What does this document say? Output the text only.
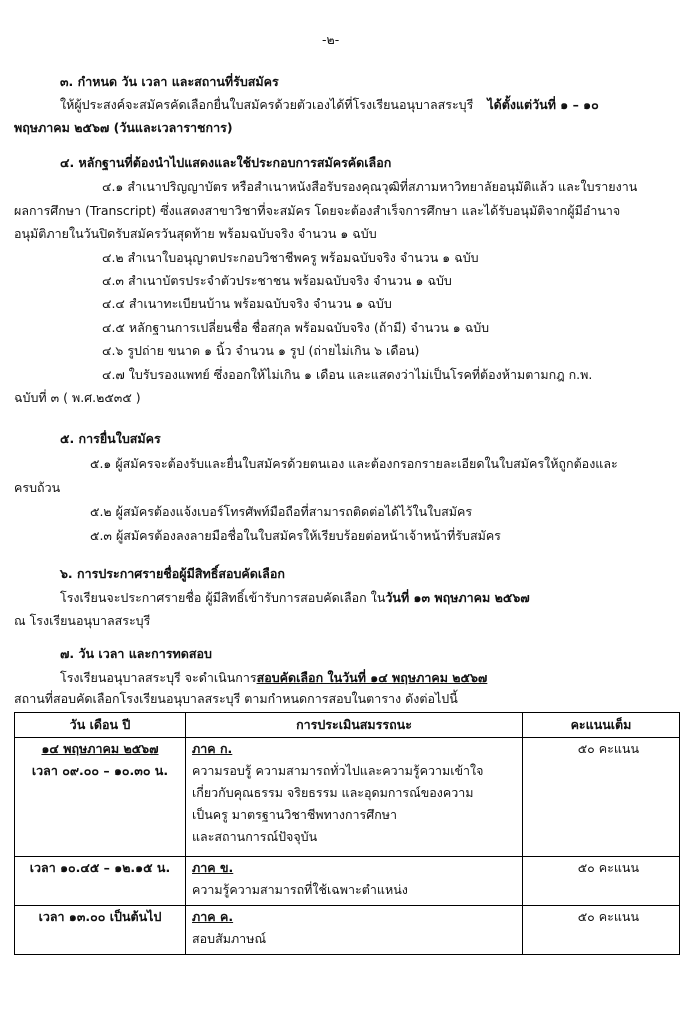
-๒-
๓. กำหนด วัน เวลา และสถานที่รับสมัคร
ให้ผู้ประสงค์จะสมัครคัดเลือกยื่นใบสมัครด้วยตัวเองได้ที่โรงเรียนอนุบาลสระบุรี ได้ตั้งแต่วันที่ ๑ – ๑๐
พฤษภาคม ๒๕๖๗ (วันและเวลาราชการ)
๔. หลักฐานที่ต้องนำไปแสดงและใช้ประกอบการสมัครคัดเลือก
๔.๑ สำเนาปริญญาบัตร หรือสำเนาหนังสือรับรองคุณวุฒิที่สภามหาวิทยาลัยอนุมัติแล้ว และใบรายงาน
ผลการศึกษา (Transcript) ซึ่งแสดงสาขาวิชาที่จะสมัคร โดยจะต้องสำเร็จการศึกษา และได้รับอนุมัติจากผู้มีอำนาจ
อนุมัติภายในวันปิดรับสมัครวันสุดท้าย พร้อมฉบับจริง จำนวน ๑ ฉบับ
๔.๒ สำเนาใบอนุญาตประกอบวิชาชีพครู พร้อมฉบับจริง จำนวน ๑ ฉบับ
๔.๓ สำเนาบัตรประจำตัวประชาชน พร้อมฉบับจริง จำนวน ๑ ฉบับ
๔.๔ สำเนาทะเบียนบ้าน พร้อมฉบับจริง จำนวน ๑ ฉบับ
๔.๕ หลักฐานการเปลี่ยนชื่อ ชื่อสกุล พร้อมฉบับจริง (ถ้ามี) จำนวน ๑ ฉบับ
๔.๖ รูปถ่าย ขนาด ๑ นิ้ว จำนวน ๑ รูป (ถ่ายไม่เกิน ๖ เดือน)
๔.๗ ใบรับรองแพทย์ ซึ่งออกให้ไม่เกิน ๑ เดือน และแสดงว่าไม่เป็นโรคที่ต้องห้ามตามกฎ ก.พ.
ฉบับที่ ๓ ( พ.ศ.๒๕๓๕ )
๕. การยื่นใบสมัคร
๕.๑ ผู้สมัครจะต้องรับและยื่นใบสมัครด้วยตนเอง และต้องกรอกรายละเอียดในใบสมัครให้ถูกต้องและ
ครบถ้วน
๕.๒ ผู้สมัครต้องแจ้งเบอร์โทรศัพท์มือถือที่สามารถติดต่อได้ไว้ในใบสมัคร
๕.๓ ผู้สมัครต้องลงลายมือชื่อในใบสมัครให้เรียบร้อยต่อหน้าเจ้าหน้าที่รับสมัคร
๖. การประกาศรายชื่อผู้มีสิทธิ์สอบคัดเลือก
โรงเรียนจะประกาศรายชื่อ ผู้มีสิทธิ์เข้ารับการสอบคัดเลือก ในวันที่ ๑๓ พฤษภาคม ๒๕๖๗
ณ โรงเรียนอนุบาลสระบุรี
๗. วัน เวลา และการทดสอบ
โรงเรียนอนุบาลสระบุรี จะดำเนินการสอบคัดเลือก ในวันที่ ๑๔ พฤษภาคม ๒๕๖๗
สถานที่สอบคัดเลือกโรงเรียนอนุบาลสระบุรี ตามกำหนดการสอบในตาราง ดังต่อไปนี้
วัน เดือน ปี	การประเมินสมรรถนะ	คะแนนเต็ม

๑๔ พฤษภาคม ๒๕๖๗
เวลา ๐๙.๐๐ – ๑๐.๓๐ น.	ภาค ก.
ความรอบรู้ ความสามารถทั่วไปและความรู้ความเข้าใจ
เกี่ยวกับคุณธรรม จริยธรรม และอุดมการณ์ของความ
เป็นครู มาตรฐานวิชาชีพทางการศึกษา
และสถานการณ์ปัจจุบัน	๕๐ คะแนน

เวลา ๑๐.๔๕ – ๑๒.๑๕ น.	ภาค ข.
ความรู้ความสามารถที่ใช้เฉพาะตำแหน่ง	๕๐ คะแนน

เวลา ๑๓.๐๐ เป็นต้นไป	ภาค ค.
สอบสัมภาษณ์	๕๐ คะแนน
